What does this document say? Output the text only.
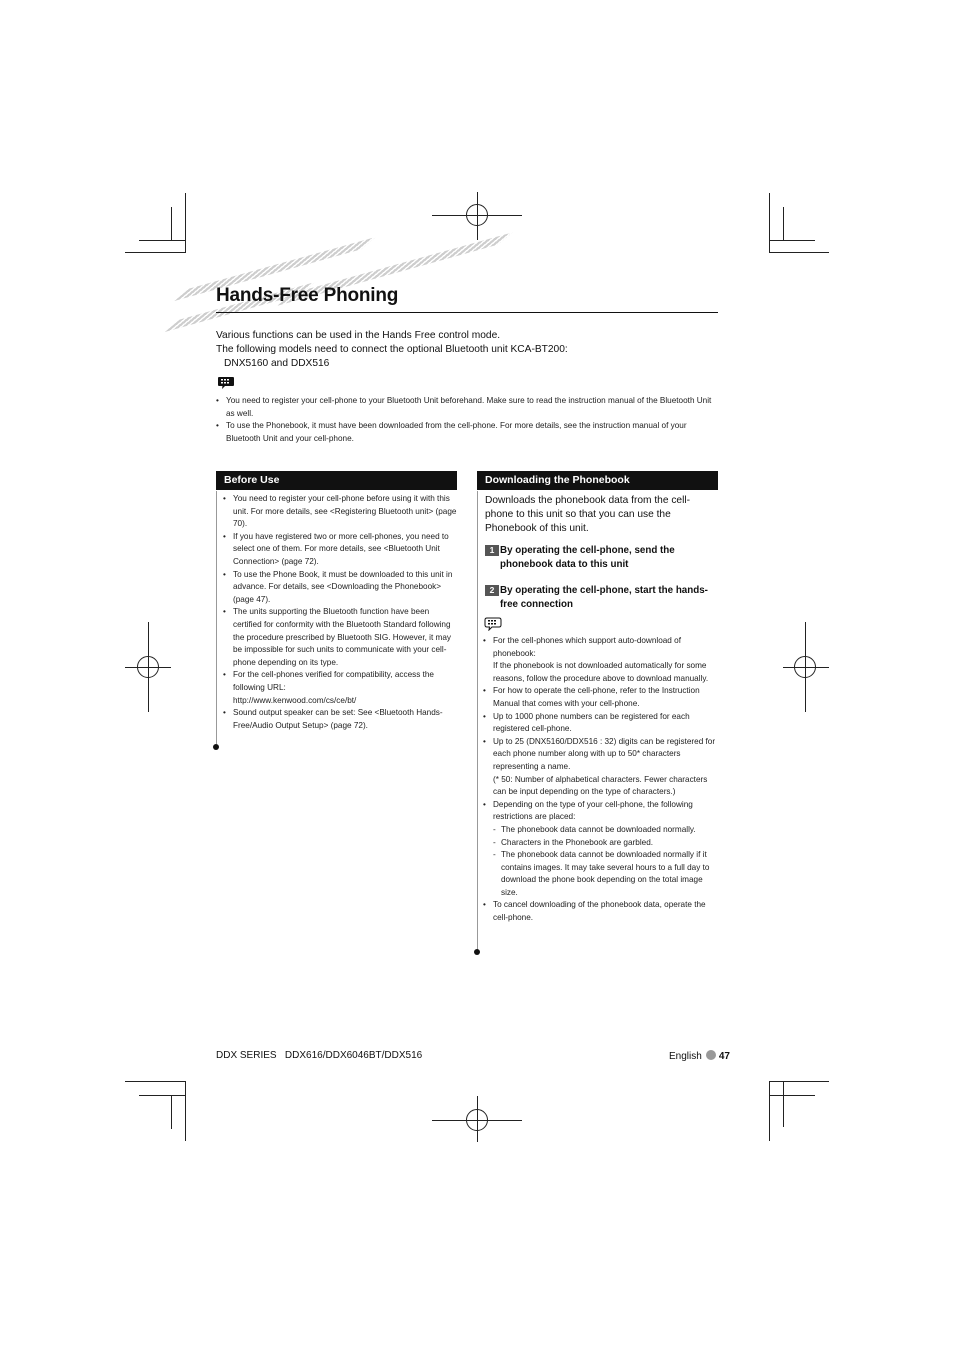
Hands-Free Phoning
Various functions can be used in the Hands Free control mode.
The following models need to connect the optional Bluetooth unit KCA-BT200:
DNX5160 and DDX516
• You need to register your cell-phone to your Bluetooth Unit beforehand. Make sure to read the instruction manual of the Bluetooth Unit as well.
• To use the Phonebook, it must have been downloaded from the cell-phone. For more details, see the instruction manual of your Bluetooth Unit and your cell-phone.
Before Use
• You need to register your cell-phone before using it with this unit. For more details, see <Registering Bluetooth unit> (page 70).
• If you have registered two or more cell-phones, you need to select one of them. For more details, see <Bluetooth Unit Connection> (page 72).
• To use the Phone Book, it must be downloaded to this unit in advance. For details, see <Downloading the Phonebook> (page 47).
• The units supporting the Bluetooth function have been certified for conformity with the Bluetooth Standard following the procedure prescribed by Bluetooth SIG. However, it may be impossible for such units to communicate with your cell-phone depending on its type.
• For the cell-phones verified for compatibility, access the following URL:
http://www.kenwood.com/cs/ce/bt/
• Sound output speaker can be set: See <Bluetooth Hands-Free/Audio Output Setup> (page 72).
Downloading the Phonebook
Downloads the phonebook data from the cell-phone to this unit so that you can use the Phonebook of this unit.
1 By operating the cell-phone, send the phonebook data to this unit
2 By operating the cell-phone, start the hands-free connection
• For the cell-phones which support auto-download of phonebook:
If the phonebook is not downloaded automatically for some reasons, follow the procedure above to download manually.
• For how to operate the cell-phone, refer to the Instruction Manual that comes with your cell-phone.
• Up to 1000 phone numbers can be registered for each registered cell-phone.
• Up to 25 (DNX5160/DDX516 : 32) digits can be registered for each phone number along with up to 50* characters representing a name.
(* 50: Number of alphabetical characters. Fewer characters can be input depending on the type of characters.)
• Depending on the type of your cell-phone, the following restrictions are placed:
- The phonebook data cannot be downloaded normally.
- Characters in the Phonebook are garbled.
- The phonebook data cannot be downloaded normally if it contains images. It may take several hours to a full day to download the phone book depending on the total image size.
• To cancel downloading of the phonebook data, operate the cell-phone.
DDX SERIES DDX616/DDX6046BT/DDX516	English 47
